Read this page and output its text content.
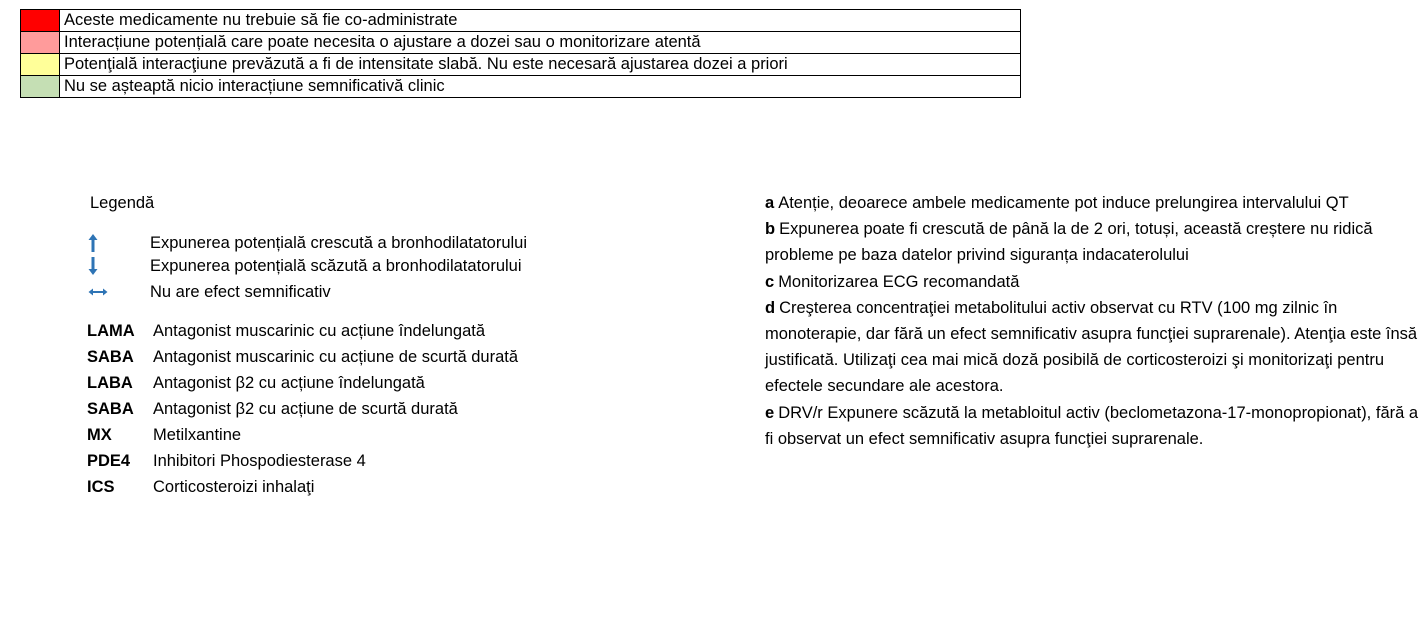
	Aceste medicamente nu trebuie să fie co-administrate
	Interacțiune potențială care poate necesita o ajustare a dozei sau o monitorizare atentă
	Potenţială interacţiune prevăzută a fi de intensitate slabă. Nu este necesară ajustarea dozei a priori
	Nu se așteaptă nicio interacțiune semnificativă clinic
Legendă
Expunerea potențială crescută a bronhodilatatorului
Expunerea potențială scăzută a bronhodilatatorului
Nu are efect semnificativ
LAMA	Antagonist muscarinic cu acțiune îndelungată
SABA	Antagonist muscarinic cu acțiune de scurtă durată
LABA	Antagonist β2 cu acțiune îndelungată
SABA	Antagonist β2 cu acțiune de scurtă durată
MX	Metilxantine
PDE4	Inhibitori Phospodiesterase 4
ICS	Corticosteroizi inhalaţi
a Atenție, deoarece ambele medicamente pot induce prelungirea intervalului QT
b Expunerea poate fi crescută de până la de 2 ori, totuși, această creștere nu ridică probleme pe baza datelor privind siguranța indacaterolului
c Monitorizarea ECG recomandată
d Creşterea concentraţiei metabolitului activ observat cu RTV (100 mg zilnic în monoterapie, dar fără un efect semnificativ asupra funcţiei suprarenale). Atenţia este însă justificată. Utilizaţi cea mai mică doză posibilă de corticosteroizi şi monitorizaţi pentru efectele secundare ale acestora.
e DRV/r Expunere scăzută la metabloitul activ (beclometazona-17-monopropionat), fără a fi observat un efect semnificativ asupra funcţiei suprarenale.
